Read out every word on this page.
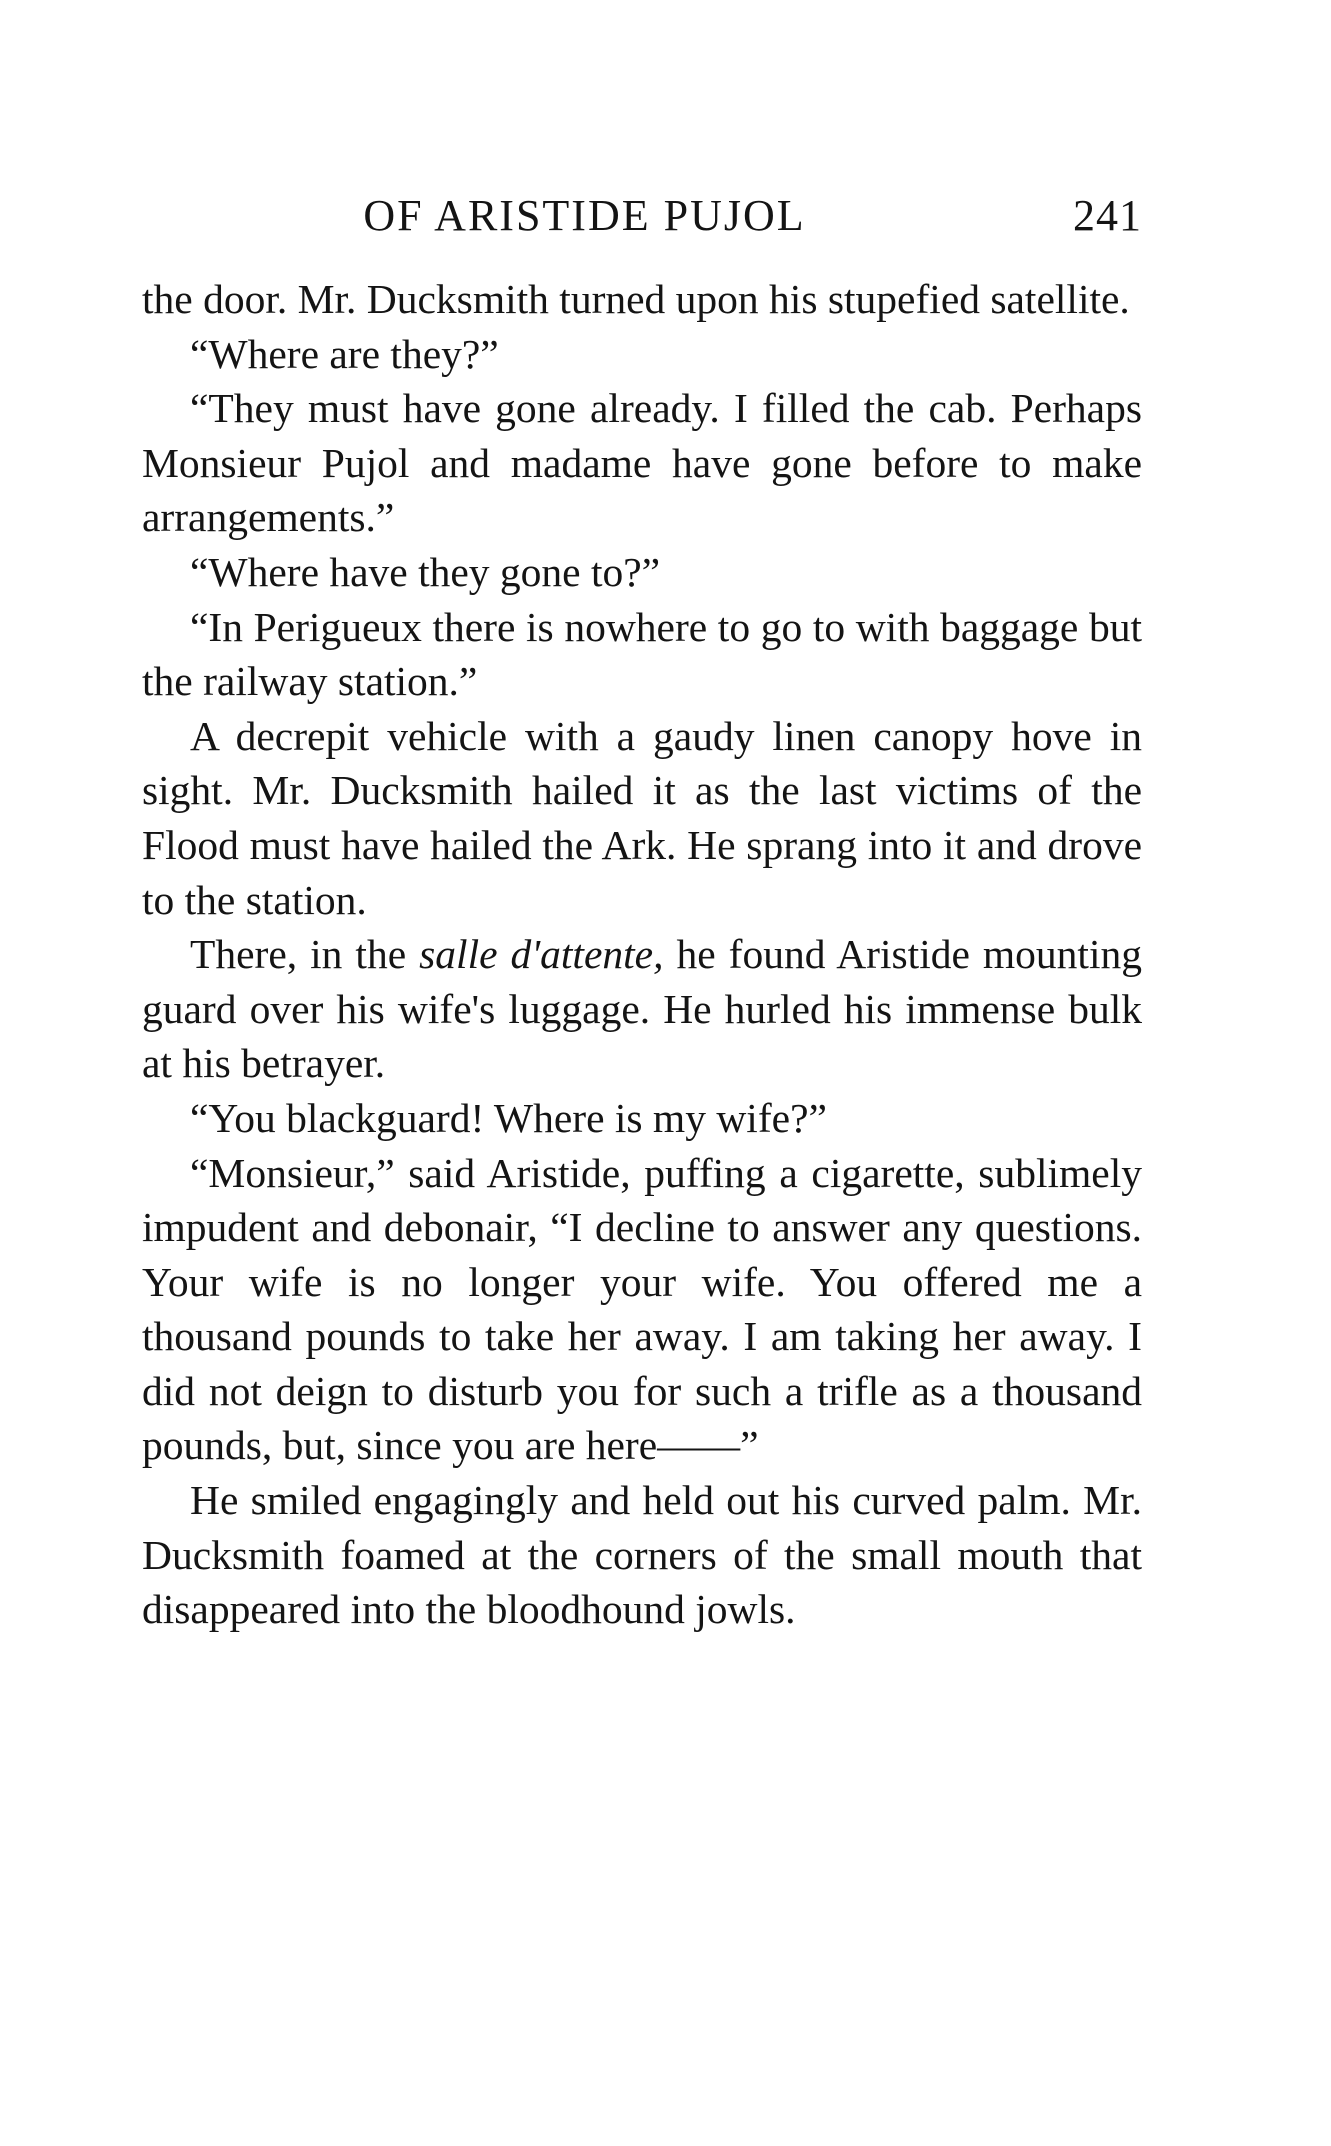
OF ARISTIDE PUJOL	241

the door. Mr. Ducksmith turned upon his stupefied satellite.

“Where are they?”

“They must have gone already. I filled the cab. Perhaps Monsieur Pujol and madame have gone before to make arrangements.”

“Where have they gone to?”

“In Perigueux there is nowhere to go to with baggage but the railway station.”

A decrepit vehicle with a gaudy linen canopy hove in sight. Mr. Ducksmith hailed it as the last victims of the Flood must have hailed the Ark. He sprang into it and drove to the station.

There, in the salle d'attente, he found Aristide mounting guard over his wife's luggage. He hurled his immense bulk at his betrayer.

“You blackguard! Where is my wife?”

“Monsieur,” said Aristide, puffing a cigarette, sublimely impudent and debonair, “I decline to answer any questions. Your wife is no longer your wife. You offered me a thousand pounds to take her away. I am taking her away. I did not deign to disturb you for such a trifle as a thousand pounds, but, since you are here——”

He smiled engagingly and held out his curved palm. Mr. Ducksmith foamed at the corners of the small mouth that disappeared into the bloodhound jowls.
